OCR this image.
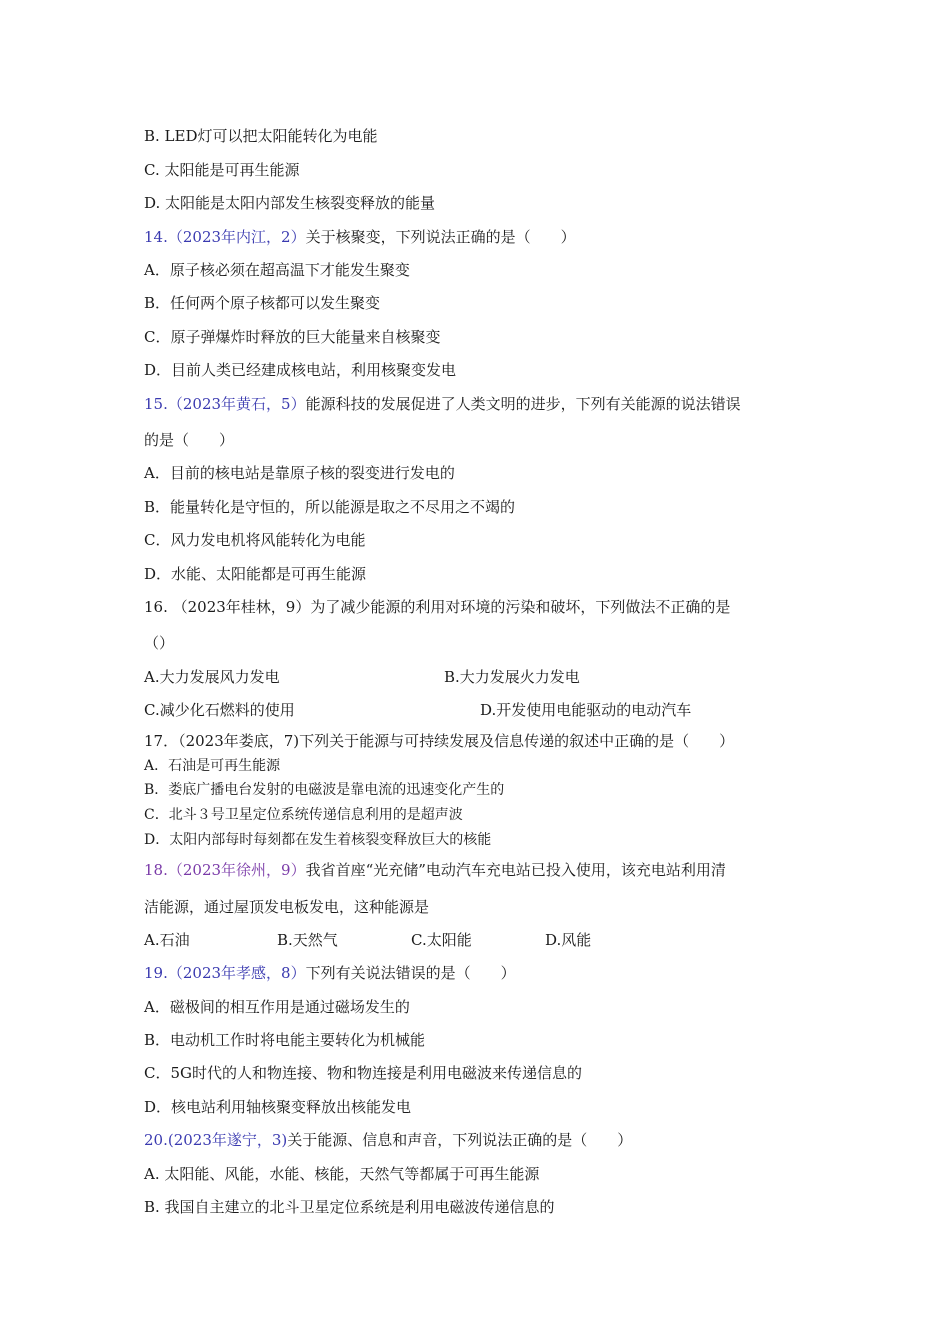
B. LED灯可以把太阳能转化为电能
C. 太阳能是可再生能源
D. 太阳能是太阳内部发生核裂变释放的能量
14.（2023年内江，2）关于核聚变，下列说法正确的是（　　）
A．原子核必须在超高温下才能发生聚变
B．任何两个原子核都可以发生聚变
C．原子弹爆炸时释放的巨大能量来自核聚变
D．目前人类已经建成核电站，利用核聚变发电
15.（2023年黄石，5）能源科技的发展促进了人类文明的进步，下列有关能源的说法错误
的是（　　）
A．目前的核电站是靠原子核的裂变进行发电的
B．能量转化是守恒的，所以能源是取之不尽用之不竭的
C．风力发电机将风能转化为电能
D．水能、太阳能都是可再生能源
16. （2023年桂林，9）为了减少能源的利用对环境的污染和破坏，下列做法不正确的是
（）
A.大力发展风力发电	B.大力发展火力发电
C.减少化石燃料的使用	D.开发使用电能驱动的电动汽车
17．（2023年娄底，7)下列关于能源与可持续发展及信息传递的叙述中正确的是（　　）
A．石油是可再生能源
B．娄底广播电台发射的电磁波是靠电流的迅速变化产生的
C．北斗３号卫星定位系统传递信息利用的是超声波
D．太阳内部每时每刻都在发生着核裂变释放巨大的核能
18.（2023年徐州，9）我省首座“光充储”电动汽车充电站已投入使用，该充电站利用清
洁能源，通过屋顶发电板发电，这种能源是
A.石油	B.天然气	C.太阳能	D.风能
19.（2023年孝感，8）下列有关说法错误的是（　　）
A．磁极间的相互作用是通过磁场发生的
B．电动机工作时将电能主要转化为机械能
C．5G时代的人和物连接、物和物连接是利用电磁波来传递信息的
D．核电站利用轴核聚变释放出核能发电
20.(2023年遂宁，3)关于能源、信息和声音，下列说法正确的是（　　）
A. 太阳能、风能，水能、核能，天然气等都属于可再生能源
B. 我国自主建立的北斗卫星定位系统是利用电磁波传递信息的
